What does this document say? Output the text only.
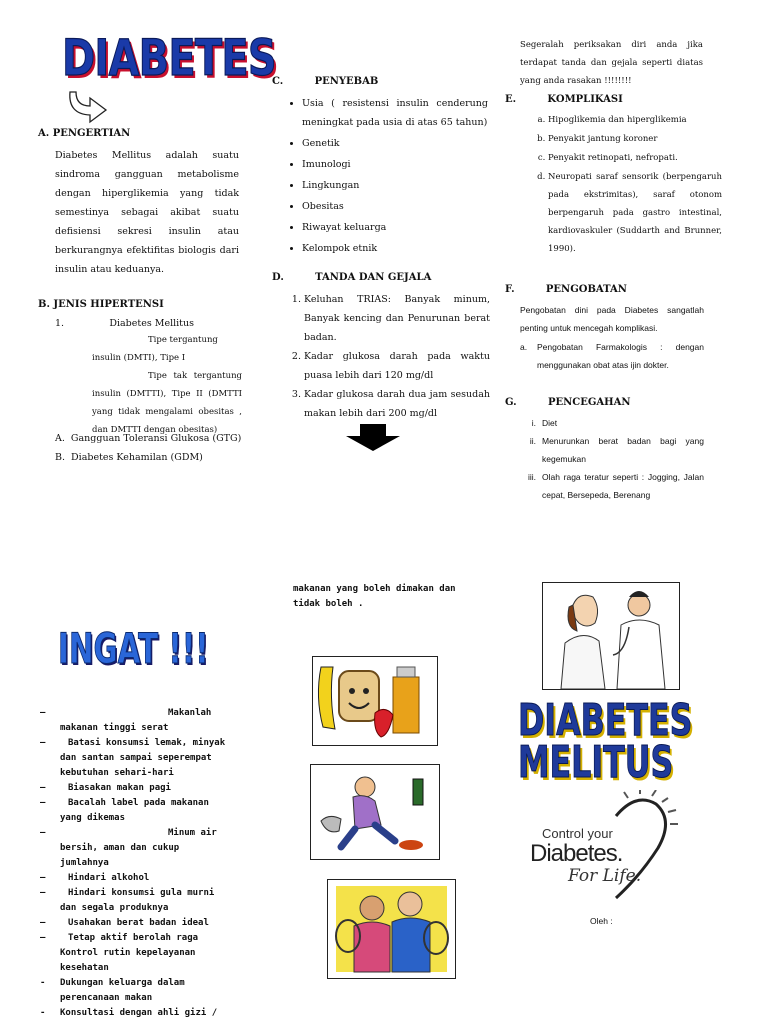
DIABETES
A. PENGERTIAN
Diabetes Mellitus adalah suatu sindroma gangguan metabolisme dengan hiperglikemia yang tidak semestinya sebagai akibat suatu defisiensi sekresi insulin atau berkurangnya efektifitas biologis dari insulin atau keduanya.
B. JENIS HIPERTENSI
1.               Diabetes Mellitus
Tipe tergantung insulin (DMTI), Tipe I
Tipe tak tergantung insulin (DMTTI), Tipe II (DMTTI yang tidak mengalami obesitas , dan DMTTI dengan obesitas)
A.  Gangguan Toleransi Glukosa (GTG)
B.  Diabetes Kehamilan (GDM)
C.         PENYEBAB
• Usia ( resistensi insulin cenderung meningkat pada usia di atas 65 tahun)
• Genetik
• Imunologi
• Lingkungan
• Obesitas
• Riwayat keluarga
• Kelompok etnik
D.         TANDA DAN GEJALA
1. Keluhan TRIAS: Banyak minum, Banyak kencing dan Penurunan berat badan.
2. Kadar glukosa darah pada waktu puasa lebih dari 120 mg/dl
3. Kadar glukosa darah dua jam sesudah makan lebih dari 200 mg/dl
Segeralah periksakan diri anda jika terdapat tanda dan gejala seperti diatas yang anda rasakan !!!!!!!!
E.         KOMPLIKASI
a. Hipoglikemia dan hiperglikemia
b. Penyakit jantung koroner
c. Penyakit retinopati, nefropati.
d. Neuropati saraf sensorik (berpengaruh pada ekstrimitas), saraf otonom berpengaruh pada gastro intestinal, kardiovaskuler (Suddarth and Brunner, 1990).
F.         PENGOBATAN
Pengobatan dini pada Diabetes sangatlah penting untuk mencegah komplikasi.
a. Pengobatan Farmakologis : dengan menggunakan obat atas ijin dokter.
G.         PENCEGAHAN
i. Diet
ii. Menurunkan berat badan bagi yang kegemukan
iii. Olah raga teratur seperti : Jogging, Jalan cepat, Bersepeda, Berenang
INGAT !!!
–	Makanlah makanan tinggi serat
–	Batasi konsumsi lemak, minyak dan santan sampai seperempat kebutuhan sehari-hari
–	Biasakan makan pagi
–	Bacalah label pada makanan yang dikemas
–	Minum air bersih, aman dan cukup jumlahnya
–	Hindari alkohol
–	Hindari konsumsi gula murni dan segala produknya
–	Usahakan berat badan ideal
–	Tetap aktif berolah raga Kontrol rutin kepelayanan kesehatan
-	Dukungan keluarga dalam perencanaan makan
-	Konsultasi dengan ahli gizi /
makanan yang boleh dimakan dan tidak boleh .
DIABETES
MELITUS
Control your
Diabetes.
For Life.
Oleh :
